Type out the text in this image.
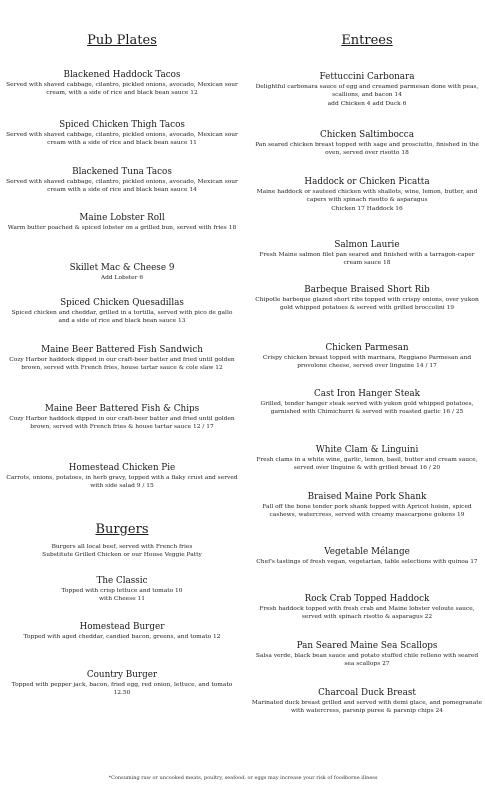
Pub Plates

Blackened Haddock Tacos

Served with shaved cabbage, cilantro, pickled onions, avocado, Mexican sour cream, with a side of rice and black bean sauce 12

Spiced Chicken Thigh Tacos

Served with shaved cabbage, cilantro, pickled onions, avocado, Mexican sour cream with a side of rice and black bean sauce 11

Blackened Tuna Tacos

Served with shaved cabbage, cilantro, pickled onions, avocado, Mexican sour cream with a side of rice and black bean sauce 14

Maine Lobster Roll

Warm butter poached & spiced lobster on a grilled bun, served with fries 18

Skillet Mac & Cheese 9

Add Lobster 6

Spiced Chicken Quesadillas

Spiced chicken and cheddar, grilled in a tortilla, served with pico de gallo and a side of rice and black bean sauce 13

Maine Beer Battered Fish Sandwich

Cozy Harbor haddock dipped in our craft-beer batter and fried until golden brown, served with French fries, house tartar sauce & cole slaw 12

Maine Beer Battered Fish & Chips

Cozy Harbor haddock dipped in our craft-beer batter and fried until golden brown, served with French fries & house tartar sauce 12 / 17

Homestead Chicken Pie

Carrots, onions, potatoes, in herb gravy, topped with a flaky crust and served with side salad 9 / 15

Burgers

Burgers all local beef, served with French fries

Substitute Grilled Chicken or our House Veggie Patty

The Classic

Topped with crisp lettuce and tomato 10

with Cheese 11

Homestead Burger

Topped with aged cheddar, candied bacon, greens, and tomato 12

Country Burger

Topped with pepper jack, bacon, fried egg, red onion, lettuce, and tomato 12.50

Entrees

Fettuccini Carbonara

Delightful carbonara sauce of egg and creamed parmesan done with peas, scallions, and bacon 14

add Chicken 4 add Duck 6

Chicken Saltimbocca

Pan seared chicken breast topped with sage and prosciutto, finished in the oven, served over risotto 18

Haddock or Chicken Picatta

Maine haddock or sauteed chicken with shallots, wine, lemon, butter, and capers with spinach risotto & asparagus

Chicken 17 Haddock 16

Salmon Laurie

Fresh Maine salmon filet pan seared and finished with a tarragon-caper cream sauce 18

Barbeque Braised Short Rib

Chipotle barbeque glazed short ribs topped with crispy onions, over yukon gold whipped potatoes & served with grilled broccolini 19

Chicken Parmesan

Crispy chicken breast topped with marinara, Reggiano Parmesan and provolone cheese, served over linguine 14 / 17

Cast Iron Hanger Steak

Grilled, tender hanger steak served with yukon gold whipped potatoes, garnished with Chimichurri & served with roasted garlic 16 / 25

White Clam & Linguini

Fresh clams in a white wine, garlic, lemon, basil, butter and cream sauce, served over linguine & with grilled bread 16 / 20

Braised Maine Pork Shank

Fall off the bone tender pork shank topped with Apricot hoisin, spiced cashews, watercress, served with creamy mascarpone gokens 19

Vegetable Mélange

Chef's tastings of fresh vegan, vegetarian, table selections with quinoa 17

Rock Crab Topped Haddock

Fresh haddock topped with fresh crab and Maine lobster veloute sauce, served with spinach risotto & asparagus 22

Pan Seared Maine Sea Scallops

Salsa verde, black bean sauce and potato stuffed chile relleno with seared sea scallops 27

Charcoal Duck Breast

Marinated duck breast grilled and served with demi glace, and pomegranate with watercress, parsnip puree & parsnip chips 24

*Consuming raw or uncooked meats, poultry, seafood, or eggs may increase your risk of foodborne illness
